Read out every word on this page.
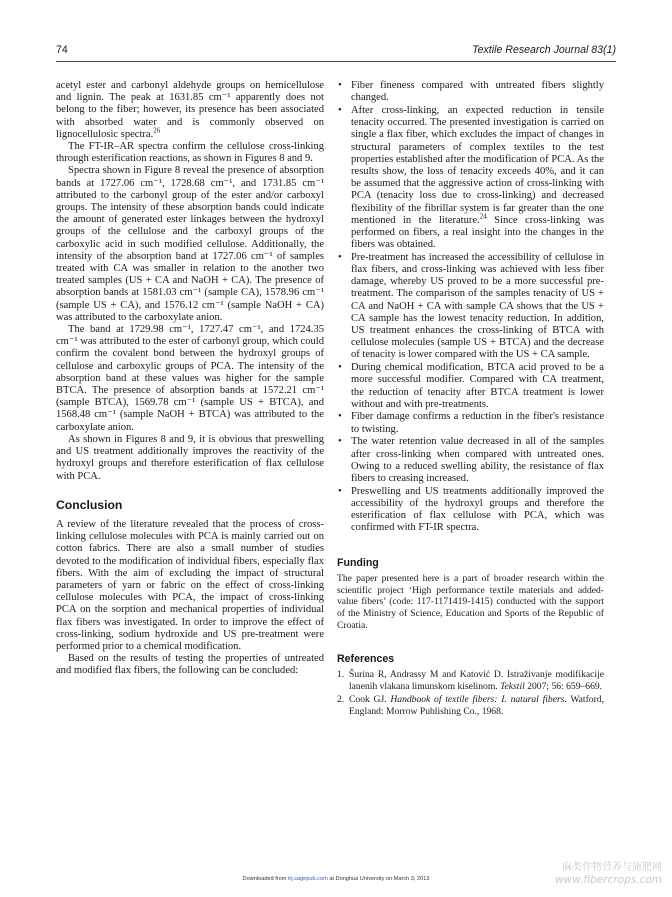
74	Textile Research Journal 83(1)

acetyl ester and carbonyl aldehyde groups on hemicellulose and lignin. The peak at 1631.85 cm⁻¹ apparently does not belong to the fiber; however, its presence has been associated with absorbed water and is commonly observed on lignocellulosic spectra.$^{26}$

The FT-IR–AR spectra confirm the cellulose cross-linking through esterification reactions, as shown in Figures 8 and 9.

Spectra shown in Figure 8 reveal the presence of absorption bands at 1727.06 cm⁻¹, 1728.68 cm⁻¹, and 1731.85 cm⁻¹ attributed to the carbonyl group of the ester and/or carboxyl groups. The intensity of these absorption bands could indicate the amount of generated ester linkages between the hydroxyl groups of the cellulose and the carboxyl groups of the carboxylic acid in such modified cellulose. Additionally, the intensity of the absorption band at 1727.06 cm⁻¹ of samples treated with CA was smaller in relation to the another two treated samples (US + CA and NaOH + CA). The presence of absorption bands at 1581.03 cm⁻¹ (sample CA), 1578.96 cm⁻¹ (sample US + CA), and 1576.12 cm⁻¹ (sample NaOH + CA) was attributed to the carboxylate anion.

The band at 1729.98 cm⁻¹, 1727.47 cm⁻¹, and 1724.35 cm⁻¹ was attributed to the ester of carbonyl group, which could confirm the covalent bond between the hydroxyl groups of cellulose and carboxylic groups of PCA. The intensity of the absorption band at these values was higher for the sample BTCA. The presence of absorption bands at 1572.21 cm⁻¹ (sample BTCA), 1569.78 cm⁻¹ (sample US + BTCA), and 1568.48 cm⁻¹ (sample NaOH + BTCA) was attributed to the carboxylate anion.

As shown in Figures 8 and 9, it is obvious that preswelling and US treatment additionally improves the reactivity of the hydroxyl groups and therefore esterification of flax cellulose with PCA.

Conclusion

A review of the literature revealed that the process of cross-linking cellulose molecules with PCA is mainly carried out on cotton fabrics. There are also a small number of studies devoted to the modification of individual fibers, especially flax fibers. With the aim of excluding the impact of structural parameters of yarn or fabric on the effect of cross-linking cellulose molecules with PCA, the impact of cross-linking PCA on the sorption and mechanical properties of individual flax fibers was investigated. In order to improve the effect of cross-linking, sodium hydroxide and US pre-treatment were performed prior to a chemical modification.

Based on the results of testing the properties of untreated and modified flax fibers, the following can be concluded:

• Fiber fineness compared with untreated fibers slightly changed.
• After cross-linking, an expected reduction in tensile tenacity occurred. The presented investigation is carried on single a flax fiber, which excludes the impact of changes in structural parameters of complex textiles to the test properties established after the modification of PCA. As the results show, the loss of tenacity exceeds 40%, and it can be assumed that the aggressive action of cross-linking with PCA (tenacity loss due to cross-linking) and decreased flexibility of the fibrillar system is far greater than the one mentioned in the literature.$^{24}$ Since cross-linking was performed on fibers, a real insight into the changes in the fibers was obtained.
• Pre-treatment has increased the accessibility of cellulose in flax fibers, and cross-linking was achieved with less fiber damage, whereby US proved to be a more successful pre-treatment. The comparison of the samples tenacity of US + CA and NaOH + CA with sample CA shows that the US + CA sample has the lowest tenacity reduction. In addition, US treatment enhances the cross-linking of BTCA with cellulose molecules (sample US + BTCA) and the decrease of tenacity is lower compared with the US + CA sample.
• During chemical modification, BTCA acid proved to be a more successful modifier. Compared with CA treatment, the reduction of tenacity after BTCA treatment is lower without and with pre-treatments.
• Fiber damage confirms a reduction in the fiber's resistance to twisting.
• The water retention value decreased in all of the samples after cross-linking when compared with untreated ones. Owing to a reduced swelling ability, the resistance of flax fibers to creasing increased.
• Preswelling and US treatments additionally improved the accessibility of the hydroxyl groups and therefore the esterification of flax cellulose with PCA, which was confirmed with FT-IR spectra.
Funding

The paper presented here is a part of broader research within the scientific project ‘High performance textile materials and added-value fibers’ (code: 117-1171419-1415) conducted with the support of the Ministry of Science, Education and Sports of the Republic of Croatia.

References
1. Šurina R, Andrassy M and Katović D. Istraživanje modifikacije lanenih vlakana limunskom kiselinom. Tekstil 2007; 56: 659–669.
2. Cook GJ. Handbook of textile fibers: I. natural fibers. Watford, England: Morrow Publishing Co., 1968.
Downloaded from trj.sagepub.com at Donghua University on March 3, 2013
麻类作物营养与施肥网
www.fibercrops.com
